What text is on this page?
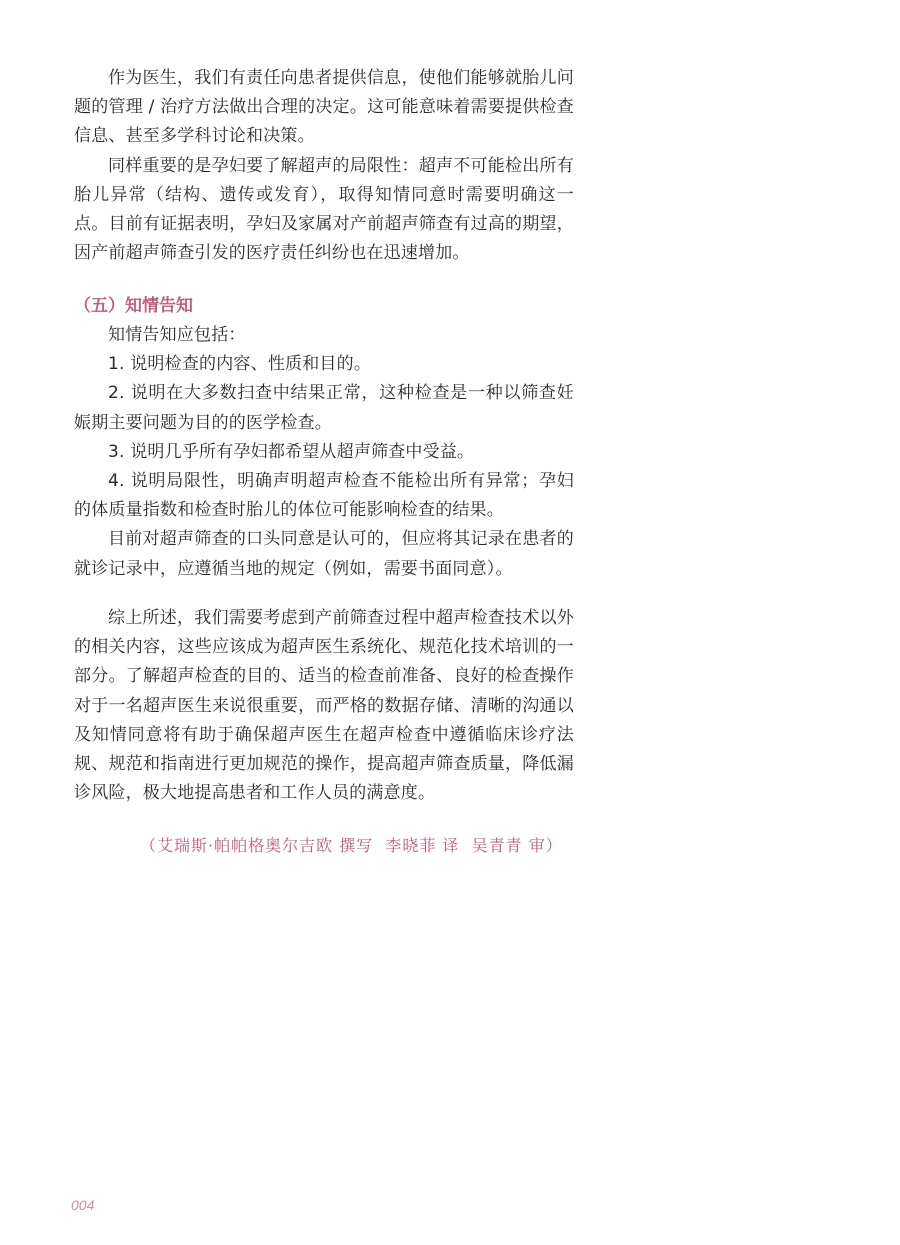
作为医生，我们有责任向患者提供信息，使他们能够就胎儿问题的管理 / 治疗方法做出合理的决定。这可能意味着需要提供检查信息、甚至多学科讨论和决策。

同样重要的是孕妇要了解超声的局限性：超声不可能检出所有胎儿异常（结构、遗传或发育），取得知情同意时需要明确这一点。目前有证据表明，孕妇及家属对产前超声筛查有过高的期望，因产前超声筛查引发的医疗责任纠纷也在迅速增加。

（五）知情告知

知情告知应包括：

1. 说明检查的内容、性质和目的。

2. 说明在大多数扫查中结果正常，这种检查是一种以筛查妊娠期主要问题为目的的医学检查。

3. 说明几乎所有孕妇都希望从超声筛查中受益。

4. 说明局限性，明确声明超声检查不能检出所有异常；孕妇的体质量指数和检查时胎儿的体位可能影响检查的结果。

目前对超声筛查的口头同意是认可的，但应将其记录在患者的就诊记录中，应遵循当地的规定（例如，需要书面同意）。

综上所述，我们需要考虑到产前筛查过程中超声检查技术以外的相关内容，这些应该成为超声医生系统化、规范化技术培训的一部分。了解超声检查的目的、适当的检查前准备、良好的检查操作对于一名超声医生来说很重要，而严格的数据存储、清晰的沟通以及知情同意将有助于确保超声医生在超声检查中遵循临床诊疗法规、规范和指南进行更加规范的操作，提高超声筛查质量，降低漏诊风险，极大地提高患者和工作人员的满意度。

（艾瑞斯·帕帕格奥尔吉欧 撰写  李晓菲 译  吴青青 审）
004
